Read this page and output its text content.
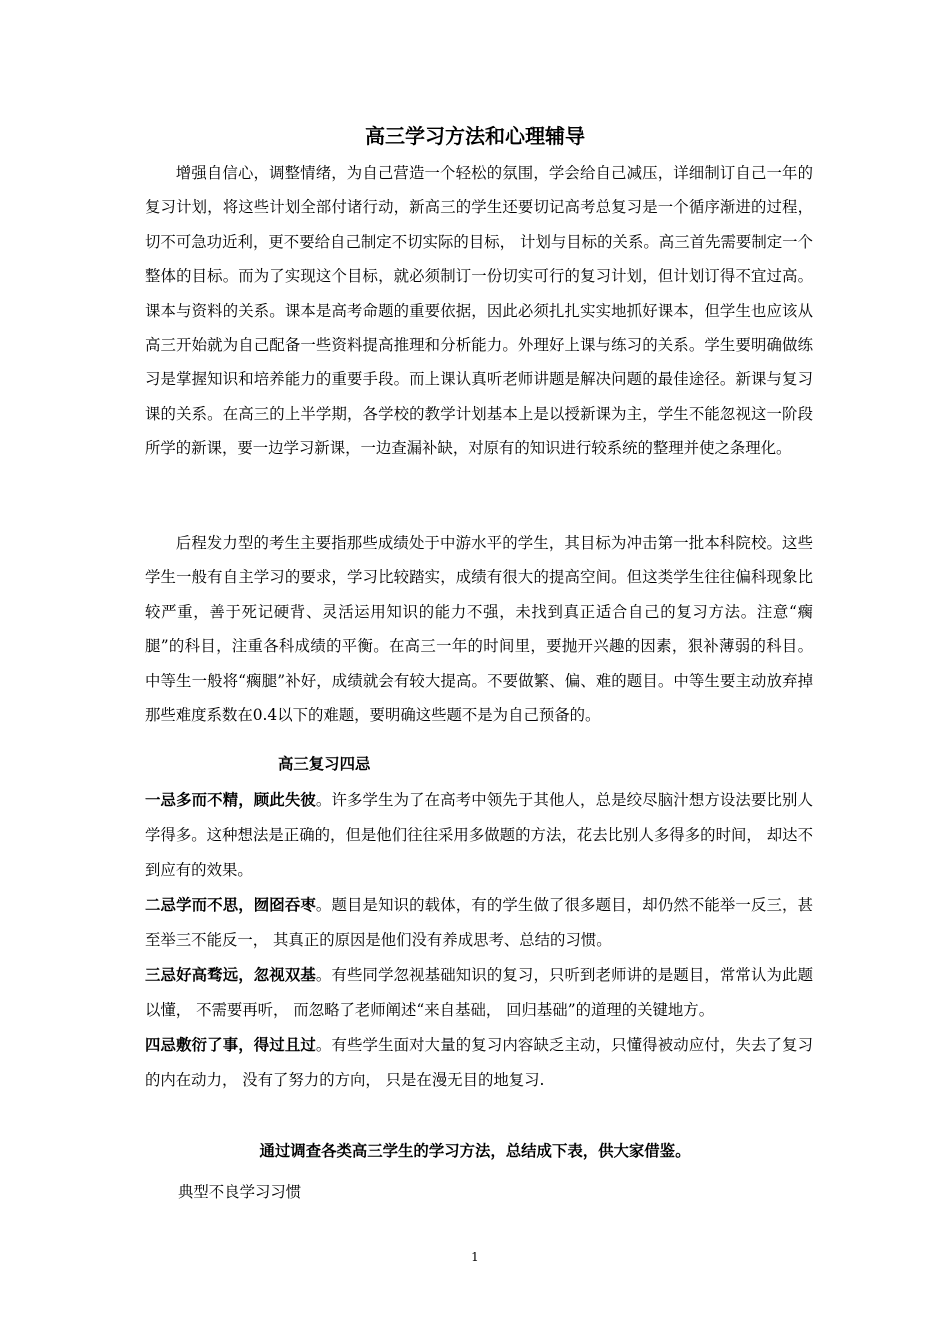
高三学习方法和心理辅导

增强自信心，调整情绪，为自己营造一个轻松的氛围，学会给自己减压，详细制订自己一年的复习计划，将这些计划全部付诸行动，新高三的学生还要切记高考总复习是一个循序渐进的过程，切不可急功近利，更不要给自己制定不切实际的目标， 计划与目标的关系。高三首先需要制定一个整体的目标。而为了实现这个目标，就必须制订一份切实可行的复习计划，但计划订得不宜过高。课本与资料的关系。课本是高考命题的重要依据，因此必须扎扎实实地抓好课本，但学生也应该从高三开始就为自己配备一些资料提高推理和分析能力。外理好上课与练习的关系。学生要明确做练习是掌握知识和培养能力的重要手段。而上课认真听老师讲题是解决问题的最佳途径。新课与复习课的关系。在高三的上半学期，各学校的教学计划基本上是以授新课为主，学生不能忽视这一阶段所学的新课，要一边学习新课，一边查漏补缺，对原有的知识进行较系统的整理并使之条理化。

后程发力型的考生主要指那些成绩处于中游水平的学生，其目标为冲击第一批本科院校。这些学生一般有自主学习的要求，学习比较踏实，成绩有很大的提高空间。但这类学生往往偏科现象比较严重，善于死记硬背、灵活运用知识的能力不强，未找到真正适合自己的复习方法。注意“瘸腿”的科目，注重各科成绩的平衡。在高三一年的时间里，要抛开兴趣的因素，狠补薄弱的科目。中等生一般将“瘸腿”补好，成绩就会有较大提高。不要做繁、偏、难的题目。中等生要主动放弃掉那些难度系数在0.4以下的难题，要明确这些题不是为自己预备的。

高三复习四忌

一忌多而不精，顾此失彼。许多学生为了在高考中领先于其他人，总是绞尽脑汁想方设法要比别人学得多。这种想法是正确的，但是他们往往采用多做题的方法，花去比别人多得多的时间， 却达不到应有的效果。

二忌学而不思，囫囵吞枣。题目是知识的载体，有的学生做了很多题目，却仍然不能举一反三，甚至举三不能反一， 其真正的原因是他们没有养成思考、总结的习惯。

三忌好高骛远，忽视双基。有些同学忽视基础知识的复习，只听到老师讲的是题目，常常认为此题以懂， 不需要再听， 而忽略了老师阐述“来自基础， 回归基础”的道理的关键地方。

四忌敷衍了事，得过且过。有些学生面对大量的复习内容缺乏主动，只懂得被动应付，失去了复习的内在动力， 没有了努力的方向， 只是在漫无目的地复习.

通过调查各类高三学生的学习方法，总结成下表，供大家借鉴。
典型不良学习习惯
1
